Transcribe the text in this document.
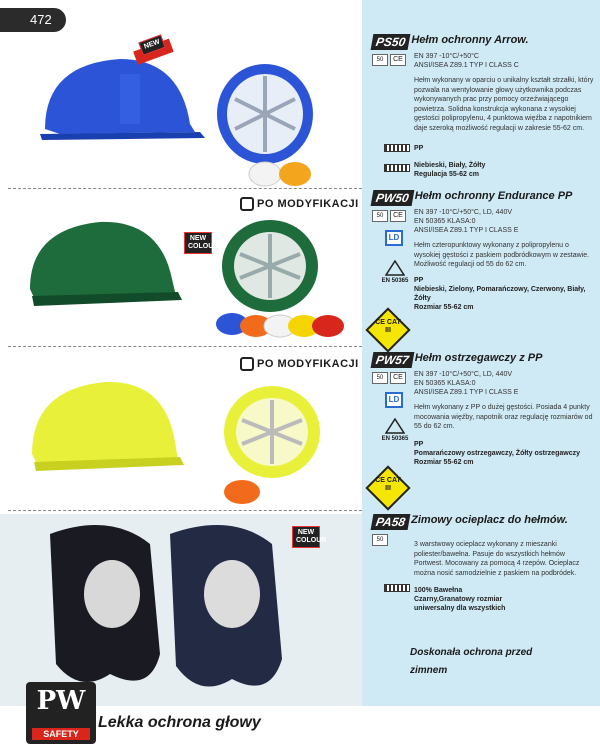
472
NEW
NEW COLOUR
NEW COLOUR
PO MODYFIKACJI
PO MODYFIKACJI
PS50 Hełm ochronny Arrow.
50	CE	EN 397 -10°C/+50°C
ANSI/ISEA Z89.1 TYP I CLASS C
Hełm wykonany w oparciu o unikalny kształt strzałki, który pozwala na wentylowanie głowy użytkownika podczas wykonywanych prac przy pomocy orzeźwiającego powietrza. Solidna konstrukcja wykonana z wysokiej gęstości polipropylenu, 4 punktowa więźba z napotnikiem daje szeroką możliwość regulacji w zakresie 55-62 cm.
PP
Niebieski, Biały, Żółty
Regulacja 55-62 cm
PW50 Hełm ochronny Endurance PP
50	CE
LD
EN 397 -10°C/+50°C, LD, 440V
EN 50365 KLASA:0
ANSI/ISEA Z89.1 TYP I CLASS E
Hełm czteropunktowy wykonany z polipropylenu o wysokiej gęstości z paskiem podbródkowym w zestawie. Możliwość regulacji od 55 do 62 cm.
EN 50365 PP
Niebieski, Zielony, Pomarańczowy, Czerwony, Biały, Żółty
Rozmiar 55-62 cm
CE CAT III
PW57 Hełm ostrzegawczy z PP
50	CE
LD
EN 397 -10°C/+50°C, LD, 440V
EN 50365 KLASA:0
ANSI/ISEA Z89.1 TYP I CLASS E
Hełm wykonany z PP o dużej gęstości. Posiada 4 punkty mocowania więźby, napotnik oraz regulację rozmiarów od 55 do 62 cm.
EN 50365
PP
Pomarańczowy ostrzegawczy, Żółty ostrzegawczy
Rozmiar 55-62 cm
CE CAT III
PA58 Zimowy ocieplacz do hełmów.
50
3 warstwowy ocieplacz wykonany z mieszanki poliester/bawełna. Pasuje do wszystkich hełmów Portwest. Mocowany za pomocą 4 rzepów. Ocieplacz można nosić samodzielnie z paskiem na podbródek.
100% Bawełna
Czarny,Granatowy rozmiar
uniwersalny dla wszystkich
Doskonała ochrona przed zimnem
PW
SAFETY
Lekka ochrona głowy
